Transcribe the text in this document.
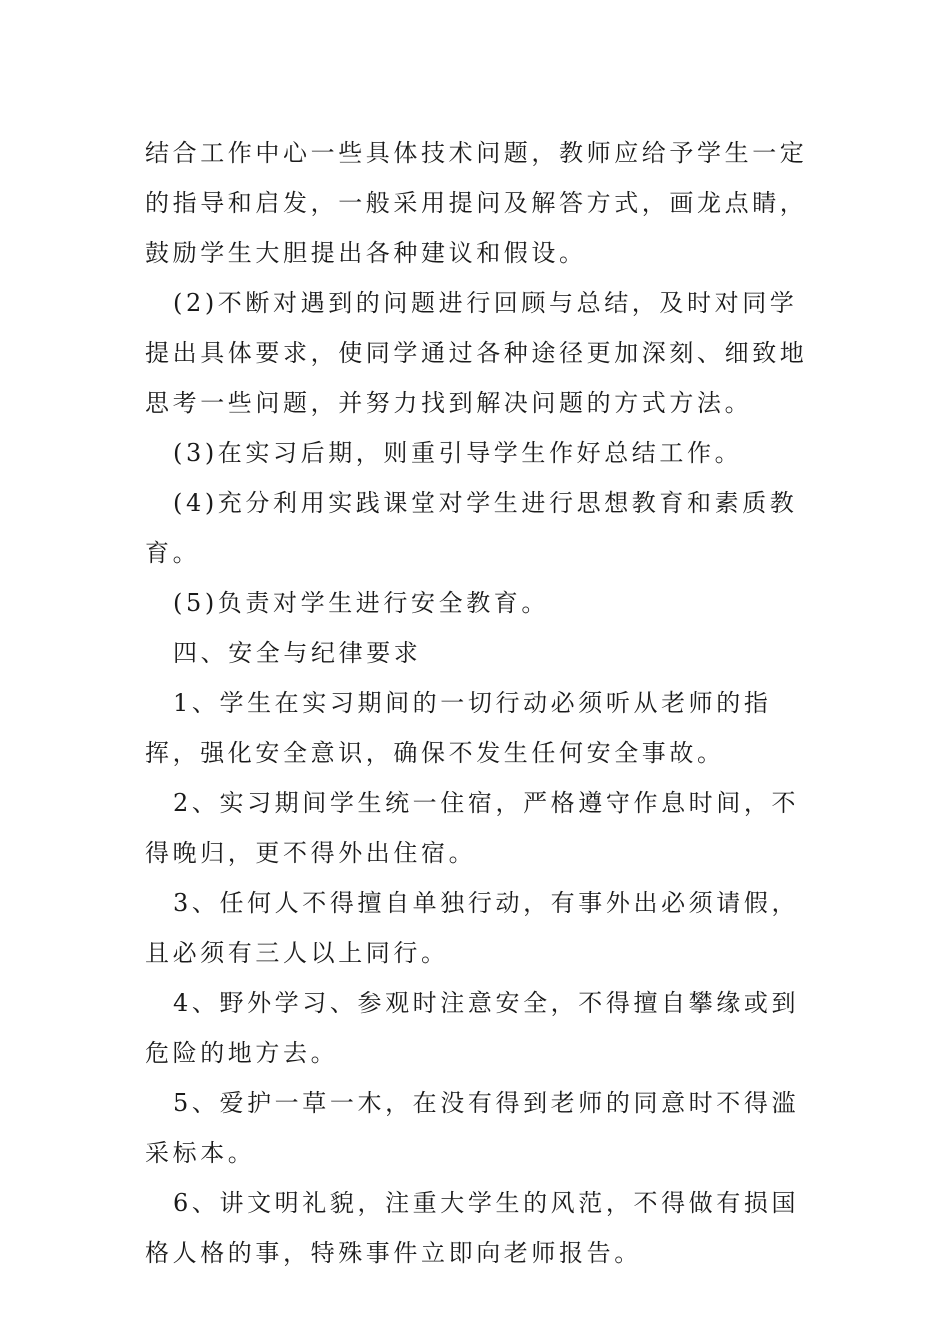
结合工作中心一些具体技术问题，教师应给予学生一定的指导和启发，一般采用提问及解答方式，画龙点睛，鼓励学生大胆提出各种建议和假设。

(2)不断对遇到的问题进行回顾与总结，及时对同学提出具体要求，使同学通过各种途径更加深刻、细致地思考一些问题，并努力找到解决问题的方式方法。

(3)在实习后期，则重引导学生作好总结工作。

(4)充分利用实践课堂对学生进行思想教育和素质教育。

(5)负责对学生进行安全教育。

四、安全与纪律要求

1、学生在实习期间的一切行动必须听从老师的指挥，强化安全意识，确保不发生任何安全事故。

2、实习期间学生统一住宿，严格遵守作息时间，不得晚归，更不得外出住宿。

3、任何人不得擅自单独行动，有事外出必须请假，且必须有三人以上同行。

4、野外学习、参观时注意安全，不得擅自攀缘或到危险的地方去。

5、爱护一草一木，在没有得到老师的同意时不得滥采标本。

6、讲文明礼貌，注重大学生的风范，不得做有损国格人格的事，特殊事件立即向老师报告。
